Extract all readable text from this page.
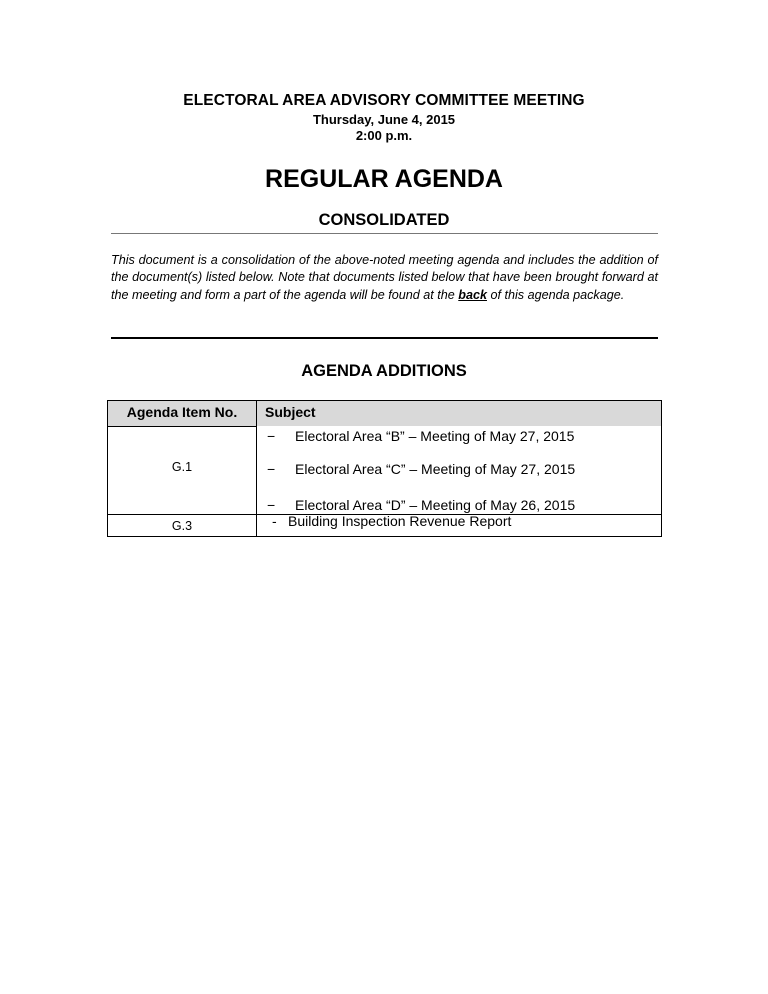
ELECTORAL AREA ADVISORY COMMITTEE MEETING
Thursday, June 4, 2015
2:00 p.m.
REGULAR AGENDA
CONSOLIDATED
This document is a consolidation of the above-noted meeting agenda and includes the addition of the document(s) listed below. Note that documents listed below that have been brought forward at the meeting and form a part of the agenda will be found at the back of this agenda package.
AGENDA ADDITIONS
Agenda Item No.	Subject
G.1
− Electoral Area “B” – Meeting of May 27, 2015
− Electoral Area “C” – Meeting of May 27, 2015
− Electoral Area “D” – Meeting of May 26, 2015
G.3	- Building Inspection Revenue Report
